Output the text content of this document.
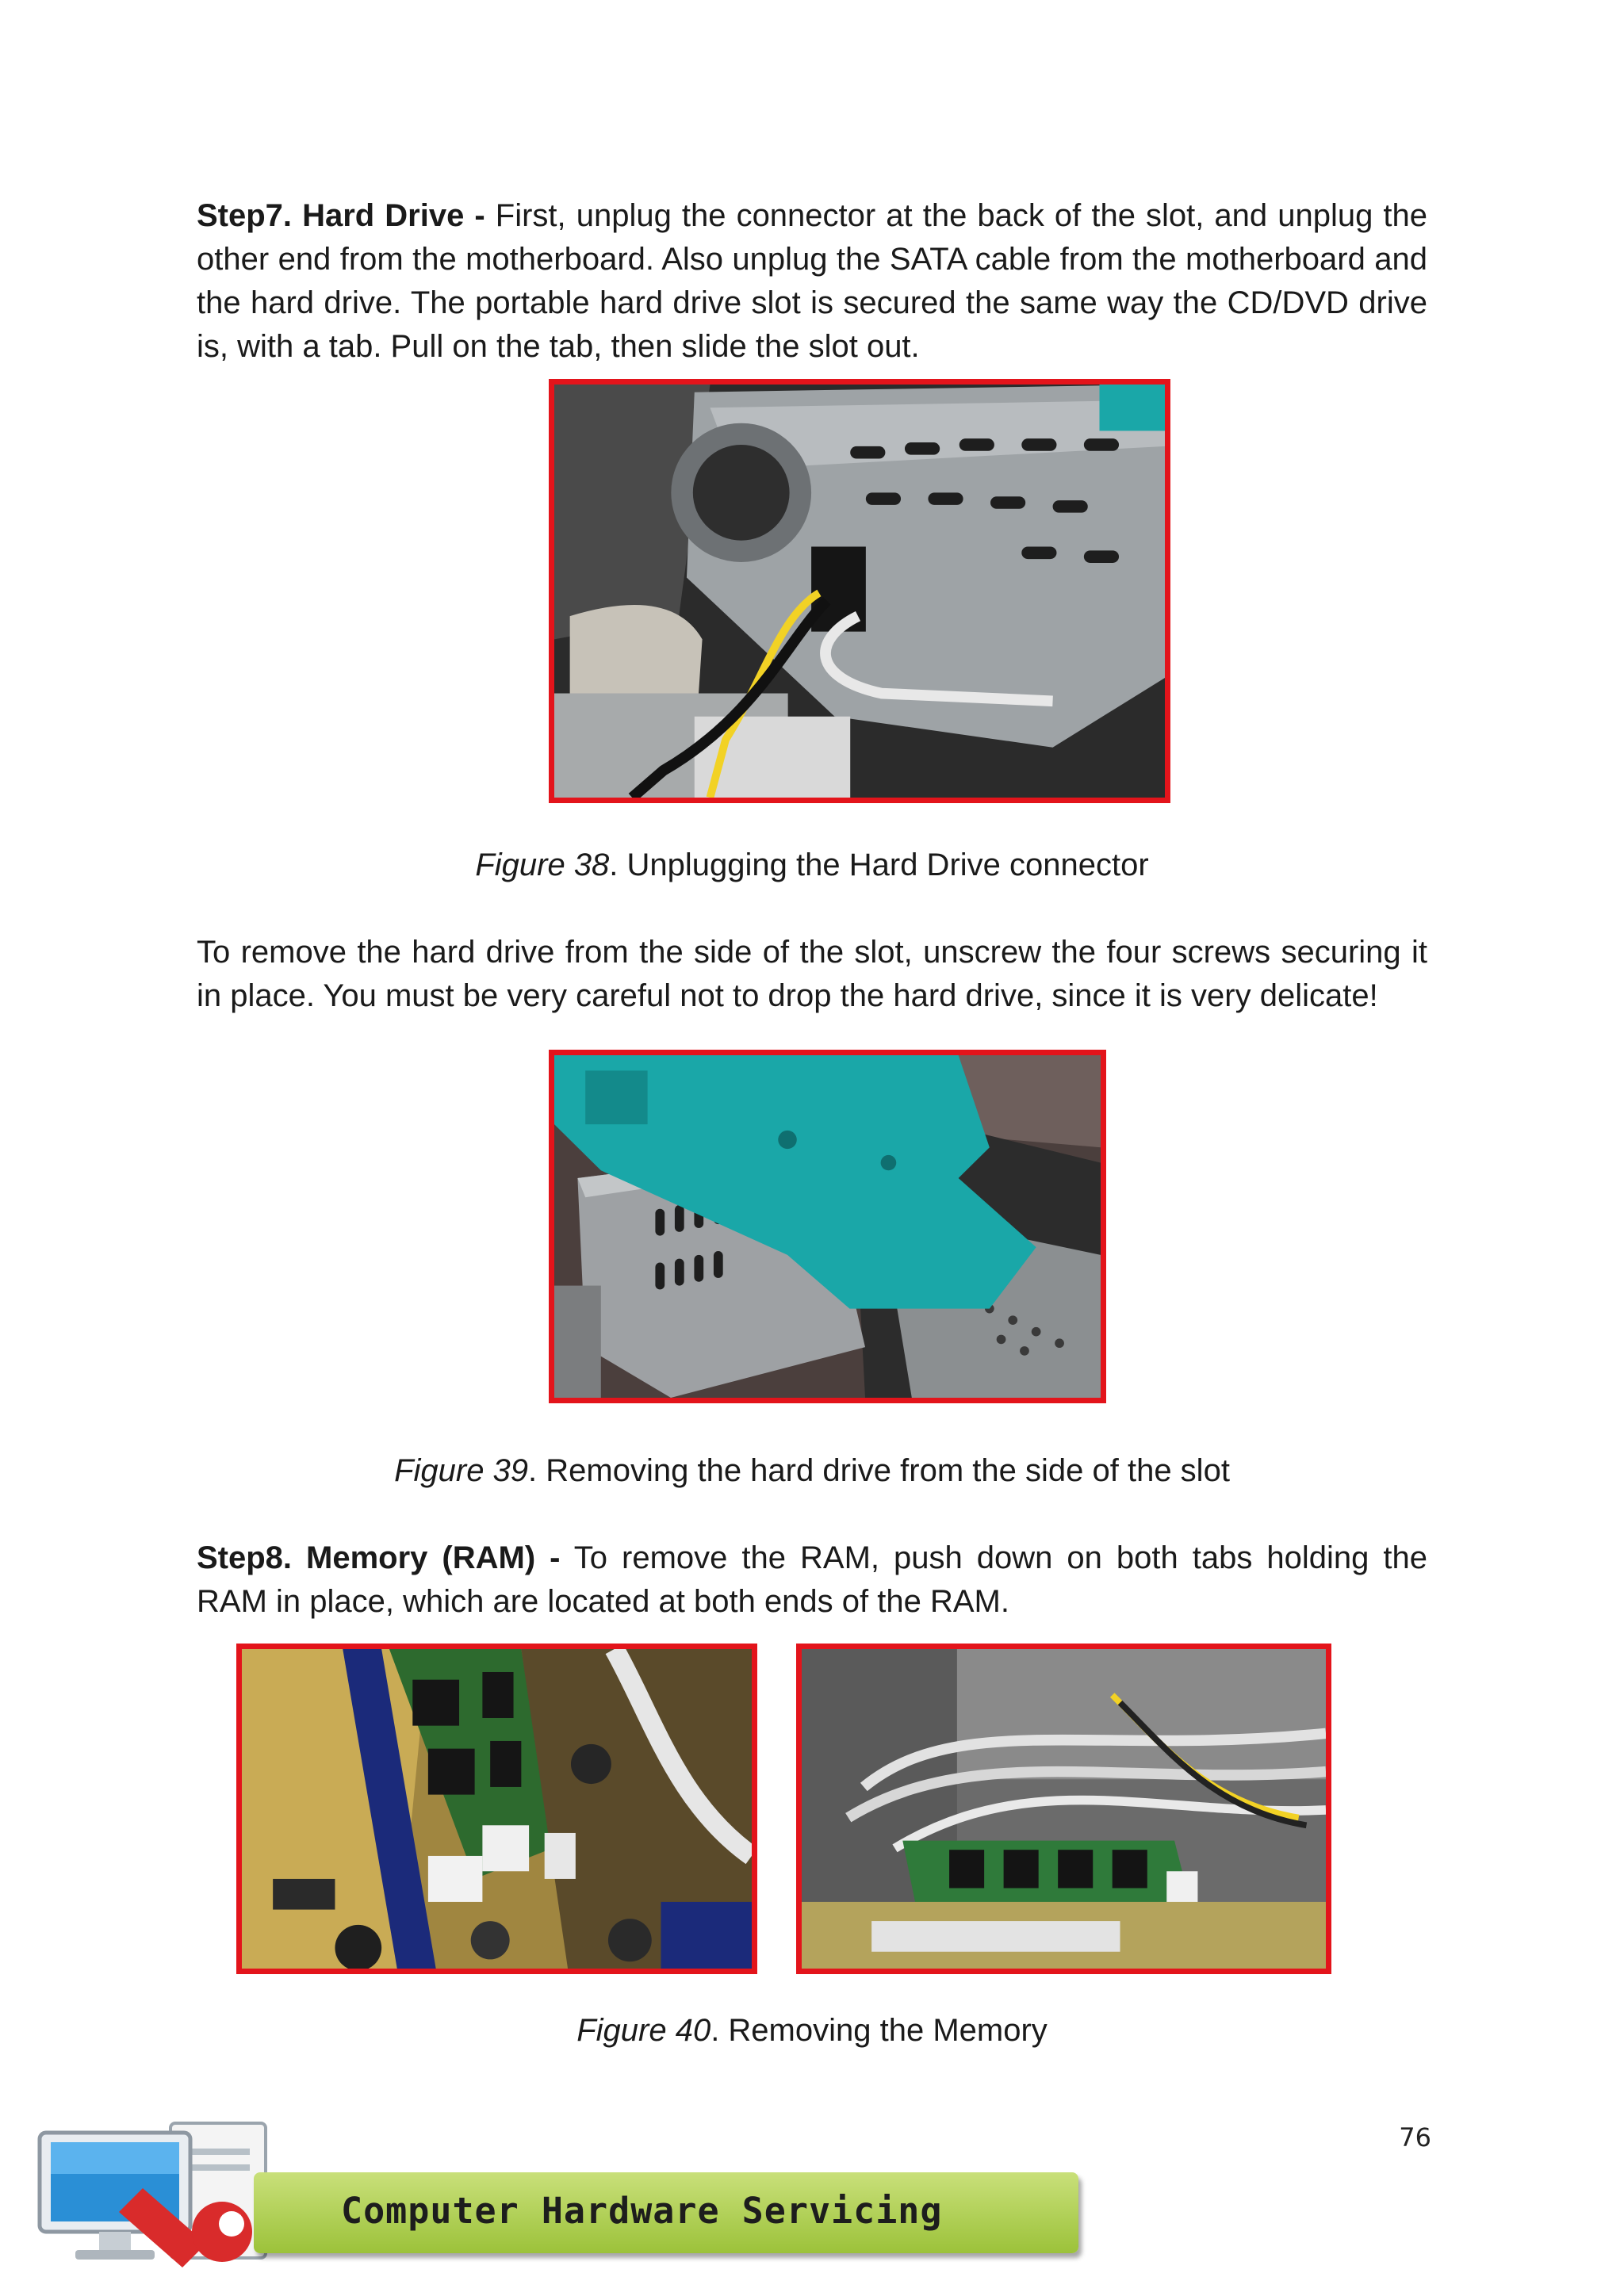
Step7. Hard Drive - First, unplug the connector at the back of the slot, and unplug the other end from the motherboard. Also unplug the SATA cable from the motherboard and the hard drive. The portable hard drive slot is secured the same way the CD/DVD drive is, with a tab. Pull on the tab, then slide the slot out.

Figure 38. Unplugging the Hard Drive connector

To remove the hard drive from the side of the slot, unscrew the four screws securing it in place. You must be very careful not to drop the hard drive, since it is very delicate!

Figure 39. Removing the hard drive from the side of the slot

Step8. Memory (RAM) - To remove the RAM, push down on both tabs holding the RAM in place, which are located at both ends of the RAM.

Figure 40. Removing the Memory

76
Computer Hardware Servicing
